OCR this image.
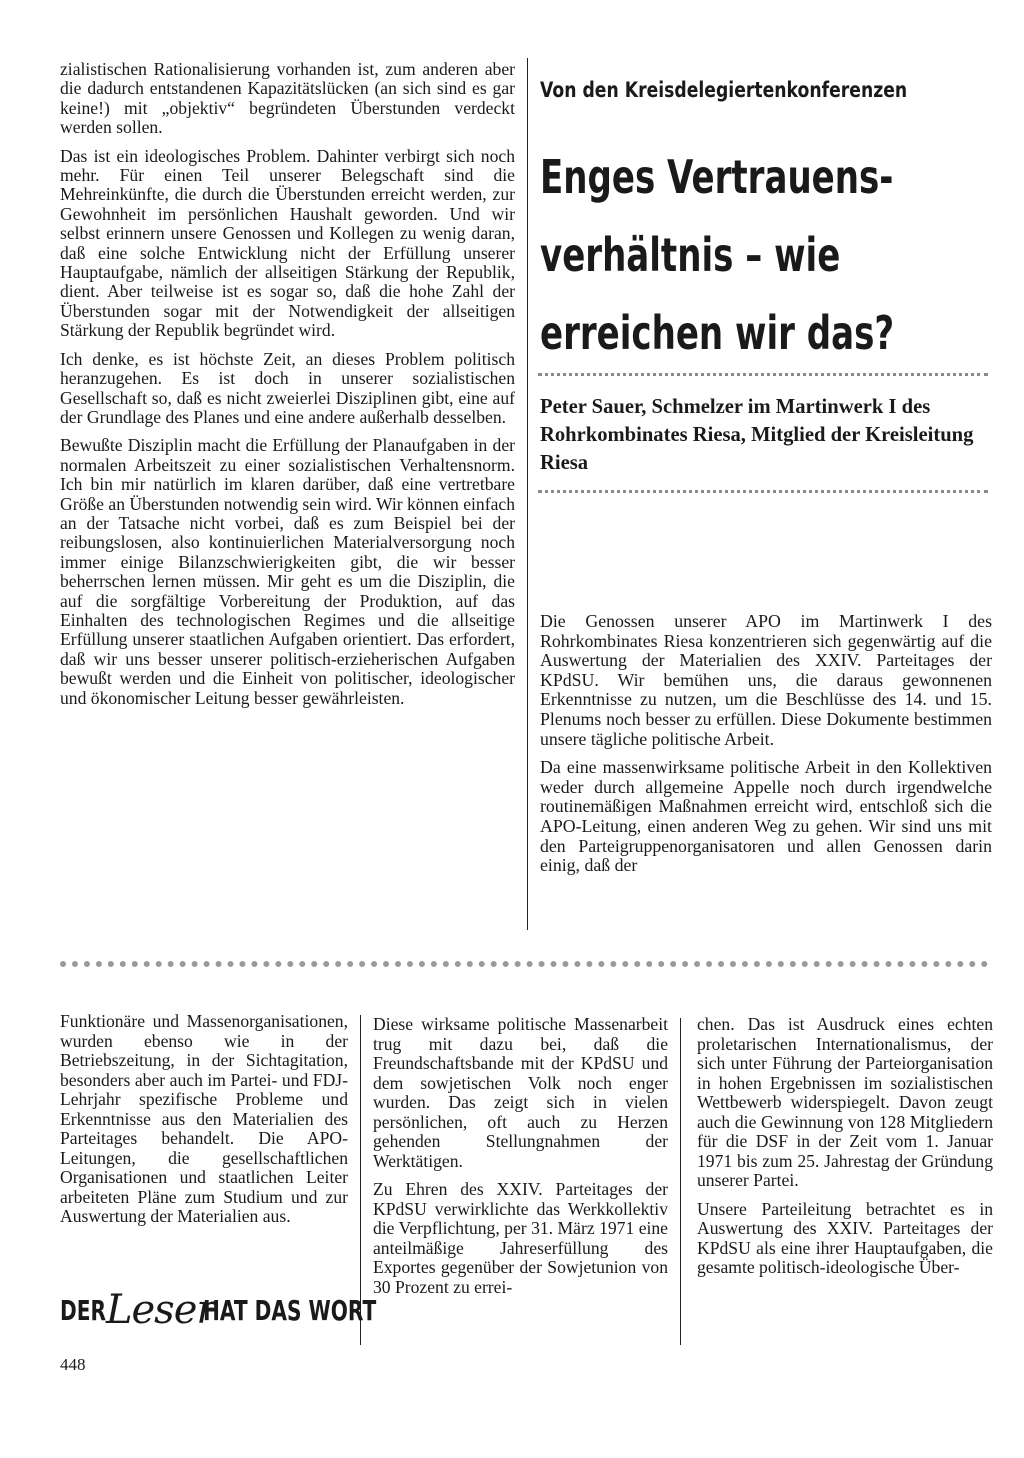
zialistischen Rationalisierung vorhanden ist, zum anderen aber die dadurch entstandenen Kapazitätslücken (an sich sind es gar keine!) mit „objektiv“ begründeten Überstunden verdeckt werden sollen.

Das ist ein ideologisches Problem. Dahinter verbirgt sich noch mehr. Für einen Teil unserer Belegschaft sind die Mehreinkünfte, die durch die Überstunden erreicht werden, zur Gewohnheit im persönlichen Haushalt geworden. Und wir selbst erinnern unsere Genossen und Kollegen zu wenig daran, daß eine solche Entwicklung nicht der Erfüllung unserer Hauptaufgabe, nämlich der allseitigen Stärkung der Republik, dient. Aber teilweise ist es sogar so, daß die hohe Zahl der Überstunden sogar mit der Notwendigkeit der allseitigen Stärkung der Republik begründet wird.

Ich denke, es ist höchste Zeit, an dieses Problem politisch heranzugehen. Es ist doch in unserer sozialistischen Gesellschaft so, daß es nicht zweierlei Disziplinen gibt, eine auf der Grundlage des Planes und eine andere außerhalb desselben.

Bewußte Disziplin macht die Erfüllung der Planaufgaben in der normalen Arbeitszeit zu einer sozialistischen Verhaltensnorm. Ich bin mir natürlich im klaren darüber, daß eine vertretbare Größe an Überstunden notwendig sein wird. Wir können einfach an der Tatsache nicht vorbei, daß es zum Beispiel bei der reibungslosen, also kontinuierlichen Materialversorgung noch immer einige Bilanzschwierigkeiten gibt, die wir besser beherrschen lernen müssen. Mir geht es um die Disziplin, die auf die sorgfältige Vorbereitung der Produktion, auf das Einhalten des technologischen Regimes und die allseitige Erfüllung unserer staatlichen Aufgaben orientiert. Das erfordert, daß wir uns besser unserer politisch-erzieherischen Aufgaben bewußt werden und die Einheit von politischer, ideologischer und ökonomischer Leitung besser gewährleisten.

Von den Kreisdelegiertenkonferenzen
Enges Vertrauens-
verhältnis – wie
erreichen wir das?
Peter Sauer, Schmelzer im Martinwerk I des Rohrkombinates Riesa, Mitglied der Kreisleitung Riesa

Die Genossen unserer APO im Martinwerk I des Rohrkombinates Riesa konzentrieren sich gegenwärtig auf die Auswertung der Materialien des XXIV. Parteitages der KPdSU. Wir bemühen uns, die daraus gewonnenen Erkenntnisse zu nutzen, um die Beschlüsse des 14. und 15. Plenums noch besser zu erfüllen. Diese Dokumente bestimmen unsere tägliche politische Arbeit.

Da eine massenwirksame politische Arbeit in den Kollektiven weder durch allgemeine Appelle noch durch irgendwelche routinemäßigen Maßnahmen erreicht wird, entschloß sich die APO-Leitung, einen anderen Weg zu gehen. Wir sind uns mit den Parteigruppenorganisatoren und allen Genossen darin einig, daß der

Funktionäre und Massenorganisationen, wurden ebenso wie in der Betriebszeitung, in der Sichtagitation, besonders aber auch im Partei- und FDJ-Lehrjahr spezifische Probleme und Erkenntnisse aus den Materialien des Parteitages behandelt. Die APO-Leitungen, die gesellschaftlichen Organisationen und staatlichen Leiter arbeiteten Pläne zum Studium und zur Auswertung der Materialien aus.

Diese wirksame politische Massenarbeit trug mit dazu bei, daß die Freundschaftsbande mit der KPdSU und dem sowjetischen Volk noch enger wurden. Das zeigt sich in vielen persönlichen, oft auch zu Herzen gehenden Stellungnahmen der Werktätigen.

Zu Ehren des XXIV. Parteitages der KPdSU verwirklichte das Werkkollektiv die Verpflichtung, per 31. März 1971 eine anteilmäßige Jahreserfüllung des Exportes gegenüber der Sowjetunion von 30 Prozent zu errei-

chen. Das ist Ausdruck eines echten proletarischen Internationalismus, der sich unter Führung der Parteiorganisation in hohen Ergebnissen im sozialistischen Wettbewerb widerspiegelt. Davon zeugt auch die Gewinnung von 128 Mitgliedern für die DSF in der Zeit vom 1. Januar 1971 bis zum 25. Jahrestag der Gründung unserer Partei.

Unsere Parteileitung betrachtet es in Auswertung des XXIV. Parteitages der KPdSU als eine ihrer Hauptaufgaben, die gesamte politisch-ideologische Über-

DER Leser
HAT DAS WORT
448
